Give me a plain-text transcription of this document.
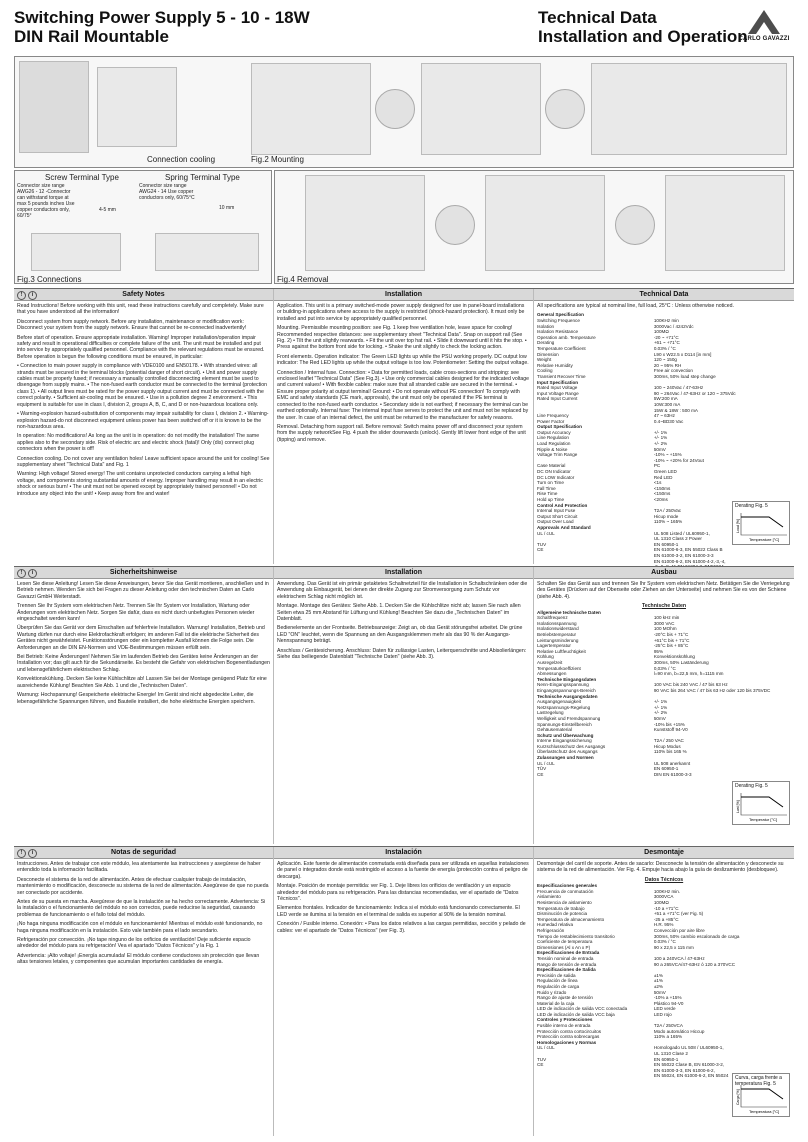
Switching Power Supply 5 - 10 - 18W
DIN Rail Mountable
Technical Data
Installation and Operation
CARLO GAVAZZI
Connection cooling	Fig.2 Mounting
Screw Terminal Type	Spring Terminal Type
Connector size range AWG26 - 12 -Connector can withstand torque at max 5 pounds inches Use copper conductors only, 60/75°
Connector size range AWG24 - 14 Use copper conductors only, 60/75°C
4-5 mm	10 mm
Fig.3 Connections	Fig.4 Removal
! i	Safety Notes

Read Instructions! Before working with this unit, read these instructions carefully and completely. Make sure that you have understood all the information!

Disconnect system from supply network. Before any installation, maintenance or modification work: Disconnect your system from the supply network. Ensure that cannot be re-connected inadvertently!

Before start of operation. Ensure appropriate installation. Warning! Improper installation/operation impair safety and result in operational difficulties or complete failure of the unit. The unit must be installed and put into service by appropriately qualified personnel. Compliance with the relevant regulations must be ensured. Before operation is begun the following conditions must be ensured, in particular:

• Connection to main power supply in compliance with VDE0100 and EN50178. • With stranded wires: all strands must be secured in the terminal blocks (potential danger of short circuit). • Unit and power supply cables must be properly fused; if necessary a manually controlled disconnecting element must be used to disengage from supply mains. • The non-fused earth conductor must be connected to the terminal (protection class 1). • All output lines must be rated for the power supply output current and must be connected with the correct polarity. • Sufficient air-cooling must be ensured. • Use in a pollution degree 2 environment. • This equipment is suitable for use in class I, division 2, groups A, B, C, and D or non-hazardous locations only.

• Warning-explosion hazard-substitution of components may impair suitability for class I, division 2. • Warning-explosion hazard-do not disconnect equipment unless power has been switched off or it is known to be the non-hazardous area.

In operation: No modifications! As long as the unit is in operation: do not modify the installation! The same applies also to the secondary side. Risk of electric arc and electric shock (fatal)! Only (dis) connect plug connectors when the power is off!

Connection cooling. Do not cover any ventilation holes! Leave sufficient space around the unit for cooling! See supplementary sheet "Technical Data" and Fig. 1

Warning: High voltage! Stored energy! The unit contains unprotected conductors carrying a lethal high voltage, and components storing substantial amounts of energy. Improper handling may result in an electric shock or serious burn! • The unit must not be opened except by appropriately trained personnel! • Do not introduce any object into the unit! • Keep away from fire and water!

Installation

Application. This unit is a primary switched-mode power supply designed for use in panel-board installations or building-in applications where access to the supply is restricted (shock-hazard protection). It must only be installed and put into service by appropriately qualified personnel.

Mounting. Permissible mounting position: see Fig. 1 keep free ventilation hole, leave space for cooling! Recommended respective distances: see supplementary sheet "Technical Data". Snap on support rail (See Fig. 2) • Tilt the unit slightly rearwards. • Fit the unit over top hat rail. • Slide it downward until it hits the stop. • Press against the bottom front side for locking. • Shake the unit slightly to check the locking action.

Front elements. Operation indicator: The Green LED lights up while the PSU working properly. DC output low indicator: The Red LED lights up while the output voltage is too low. Potentiometer: Setting the output voltage.

Connection / Internal fuse. Connection: • Data for permitted loads, cable cross-sections and stripping: see enclosed leaflet "Technical Data" (See Fig.3). • Use only commercial cables designed for the indicated voltage and current values! • With flexible cables: make sure that all stranded cable are secured in the terminal. • Ensure proper polarity at output terminal! Ground: • Do not operate without PE connection! To comply with EMC and safety standards (CE mark, approvals), the unit must only be operated if the PE terminal is connected to the non-fused earth conductor. • Secondary side is not earthed; if necessary the terminal can be earthed optionally. Internal fuse: The internal input fuse serves to protect the unit and must not be replaced by the user. In case of an internal defect, the unit must be returned to the manufacturer for safety reasons.

Removal. Detaching from support rail. Before removal: Switch mains power off and disconnect your system from the supply networkSee Fig. 4 push the slider downwards (unlock). Gently lift lower front edge of the unit (tipping) and remove.

Technical Data

All specifications are typical at nominal line, full load, 25°C : Unless otherwise noticed.

General Specification
Switching Frequence	100KHz min
Isolation	3000Vac / 4242Vdc
Isolation Resistance	100MΩ
Operation amb. Temperature	-20 ~ +71°C
Derating	+61 ~ +71°C
Temperature Coefficient	0.03% / °C
Dimension	L90 x W22.5 x D114 [in mm]
Weight	120 ~ 150g
Relative Humidity	20 ~ 95% RH
Cooling	Free air convection
Transient Recover Time	300ms, 50% load step change
Input Specification
Rated Input Voltage	100 ~ 240Vac / 47-63Hz
Input Voltage Range	90 ~ 264Vac / 47-63Hz or 120 ~ 375Vdc
Rated Input Current	5W:200 mA
10W:300 mA
15W & 18W : 500 mA
Line Frequency	47 ~ 63Hz
Power Factor	0.4~BD30 Vac
Output Specification
Output Accuracy	+/- 1%
Line Regulation	+/- 1%
Load Regulation	+/- 2%
Ripple & Noise	50mV
Voltage Trim Range	-10% ~ +15%
-10% ~ +20% for 24Vout
Case Material	PC
DC ON Indicator	Green LED
DC LOW Indicator	Red LED
Turn on Time	<1s
Fall Time	<150ms
Rise Time	<150ms
Hold up Time	<20ms
Control And Protection
Internal Input Fuse	T2A / 250Vac
Output Short Circuit	Hicup mode
Output Over Load	110% ~ 165%
Approvals And Standard
UL / cUL	UL 508 Listed / UL60950-1,
UL 1310 Class 2 Power
TUV	EN 60950-1
CE	EN 61000-6-3, EN 55022 Class B
EN 61000-3-2, EN 61000-3-3
EN 61000-6-2, EN 61000-4-2,-3,-4,
Derating Fig. 5
Temperature [°C]
Load [%]
! i	Sicherheitshinweise

Lesen Sie diese Anleitung! Lesen Sie diese Anweisungen, bevor Sie das Gerät montieren, anschließen und in Betrieb nehmen. Wenden Sie sich bei Fragen zu dieser Anleitung oder den technischen Daten an Carlo Gavazzi GmbH Weiterstadt.

Trennen Sie Ihr System vom elektrischen Netz. Trennen Sie Ihr System vor Installation, Wartung oder Änderungen vom elektrischen Netz. Sorgen Sie dafür, dass es nicht durch unbefugtes Personen wieder eingeschaltet werden kann!

Überprüfen Sie das Gerät vor dem Einschalten auf fehlerfreie Installation. Warnung! Installation, Betrieb und Wartung dürfen nur durch eine Elektrofachkraft erfolgen; im anderen Fall ist die elektrische Sicherheit des Gerätes nicht gewährleistet. Funktionsstörungen oder ein kompletter Ausfall können die Folge sein. Die Anforderungen an die DIN EN-Normen und VDE-Bestimmungen müssen erfüllt sein.

Bei Betrieb: Keine Änderungen! Nehmen Sie im laufenden Betrieb des Gerätes keine Änderungen an der Installation vor; das gilt auch für die Sekundärseite. Es besteht die Gefahr von elektrischen Bogenentladungen und lebensgefährlichem elektrischen Schlag.

Konvektionskühlung. Decken Sie keine Kühlschlitze ab! Lassen Sie bei der Montage genügend Platz für eine ausreichende Kühlung! Beachten Sie Abb. 1 und die „Technischen Daten".

Warnung: Hochspannung! Gespeicherte elektrische Energie! Im Gerät sind nicht abgedeckte Leiter, die lebensgefährliche Spannungen führen, und Bauteile installiert, die hohe elektrische Energien speichern.

Installation

Anwendung. Das Gerät ist ein primär getaktetes Schaltnetzteil für die Installation in Schaltschränken oder die Anwendung als Einbaugerät, bei denen der direkte Zugang zur Stromversorgung zum Schutz vor elektrischem Schlag nicht möglich ist.

Montage. Montage des Gerätes: Siehe Abb. 1. Decken Sie die Kühlschlitze nicht ab; lassen Sie nach allen Seiten etwa 25 mm Abstand für Lüftung und Kühlung! Beachten Sie dazu die „Technischen Daten" im Datenblatt.

Bedienelemente an der Frontseite. Betriebsanzeige: Zeigt an, ob das Gerät störungsfrei arbeitet. Die grüne LED "ON" leuchtet, wenn die Spannung an den Ausgangsklemmen mehr als das 90 % der Ausgangs-Nennspannung beträgt.

Anschluss / Gerätesicherung. Anschluss: Daten für zulässige Lasten, Leiterquerschnitte und Abisolierlängen: Siehe das beiliegende Datenblatt "Technische Daten" (siehe Abb. 3).

Ausbau

Schalten Sie das Gerät aus und trennen Sie Ihr System vom elektrischen Netz. Betätigen Sie die Verriegelung des Gerätes (Drücken auf der Oberseite oder Ziehen an der Unterseite) und nehmen Sie es von der Schiene (siehe Abb. 4).

Technische Daten
Allgemeine technische Daten
Schaltfrequenz	100 kHz min
Isolationsspannung	3000 VAC
Isolationswiderstand	100 MOhm
Betriebstemperatur	-20°C bis + 71°C
Leistungsminderung	+61°C bis + 71°C
Lagertemperatur	-25°C bis + 85°C
Relative Luftfeuchtigkeit	95%
Kühlung	Konvektionskühlung
Ausregelzeit	300ms, 50% Laständerung
Temperaturkoeffizient	0,03% / °C
Abmessungen	l=90 mm, b=22,5 mm, h=1115 mm
Technische Eingangsdaten
Nenn-Eingangsspannung	100 VAC bis 240 VAC / 47 bis 63 Hz
Eingangsspannungs-Bereich	90 VAC bis 264 VAC / 47 bis 63 Hz oder 120 bis 375VDC
Technische Ausgangsdaten
Ausgangsgenauigkeit	+/- 1%
Netzspannungs-Regelung	+/- 1%
Lastregelung	+/- 2%
Welligkeit und Fremdspannung	50mV
Spannungs-Einstellbereich	-10% bis +15%
Gehäusematerial	Kunststoff 94-V0
Schutz und Überwachung
Interne Eingangssicherung	T2A / 250 VAC
Kurzschlussschutz des Ausgangs	Hicup Modus
Überlastschutz des Ausgangs	110% bis 165 %
Zulassungen und Normen
UL / cUL	UL 508 anerkannt
TÜV	EN 60950-1
CE	DIN EN 61000-3-3
Derating Fig. 5
Temperatur [°C]
Last [%]
! i	Notas de seguridad

Instrucciones. Antes de trabajar con este módulo, lea atentamente las instrucciones y asegúrese de haber entendido toda la información facilitada.

Desconecte el sistema de la red de alimentación. Antes de efectuar cualquier trabajo de instalación, mantenimiento o modificación, desconecte su sistema de la red de alimentación. Asegúrese de que no pueda ser conectado por accidente.

Antes de su puesta en marcha. Asegúrese de que la instalación se ha hecho correctamente. Advertencia: Si la instalación o el funcionamiento del módulo no son correctos, puede reducirse la seguridad, causando problemas de funcionamiento o el fallo total del módulo.

¡No haga ninguna modificación con el módulo en funcionamiento! Mientras el módulo esté funcionando, no haga ninguna modificación en la instalación. Esto vale también para el lado secundario.

Refrigeración por convección. ¡No tape ninguno de los orificios de ventilación! Deje suficiente espacio alrededor del módulo para su refrigeración! Vea el apartado "Datos Técnicos" y la Fig. 1

Advertencia: ¡Alto voltaje! ¡Energía acumulada! El módulo contiene conductores sin protección que llevan altas tensiones letales, y componentes que acumulan importantes cantidades de energía.

Instalación

Aplicación. Este fuente de alimentación conmutada está diseñada para ser utilizada en aquellas instalaciones de panel o integrados donde está restringido el acceso a la fuente de energía (protección contra el peligro de descarga).

Montaje. Posición de montaje permitida: ver Fig. 1. Deje libres los orificios de ventilación y un espacio alrededor del módulo para su refrigeración. Para las distancias recomendadas, ver el apartado de "Datos Técnicos".

Elementos frontales. Indicador de funcionamiento: Indica si el módulo está funcionando correctamente. El LED verde se ilumina si la tensión en el terminal de salida es superior al 90% de la tensión nominal.

Conexión / Fusible interno. Conexión: • Para los datos relativos a las cargas permitidas, sección y pelado de cables: ver el apartado de "Datos Técnicos" (ver Fig. 3).

Desmontaje

Desmontaje del carril de soporte. Antes de sacarlo: Desconecte la tensión de alimentación y desconecte su sistema de la red de alimentación. Ver Fig. 4. Empuje hacia abajo la guía de deslizamiento (desbloquee).

Datos Técnicos
Especificaciones generales
Frecuencia de conmutación	100KHz min.
Aislamiento	3000VCA
Resistencia de aislamiento	100MΩ
Temperatura de trabajo	-10 a +71°C
Disminución de potencia	+51 a +71°C (ver Fig. 5)
Temperatura de almacenamiento	-25 a +85°C
Humedad relativa	H.R. 95%
Refrigeración	Convección por aire libre
Tiempo de restablecimiento transitorio	300ms, 50% cambio escalonado de carga
Coeficiente de temperatura	0.03% / °C
Dimensiones (Al x An x P)	90 x 22,5 x 115 mm
Especificaciones de Entrada
Tensión nominal de entrada	100 a 240VCA / 47-63Hz
Rango de tensión de entrada	90 a 265VCA/47-63Hz ó 120 a 370VCC
Especificaciones de Salida
Precisión de salida	±1%
Regulación de línea	±1%
Regulación de carga	±2%
Ruido y rizado	50mV
Rango de ajuste de tensión	-10% a +15%
Material de la caja	Plástico 94-V0
LED de indicación de salida VCC conectada	LED verde
LED de indicación de salida VCC baja	LED rojo
Controles y Protecciones
Fusible interno de entrada	T2A / 250VCA
Protección contra cortocircuitos	Modo automático Hiccup
Protección contra sobrecargas	110% a 165%
Homologaciones y Normas
UL / cUL	Homologado UL 508 / UL60950-1,
UL 1310 Clase 2
TUV	EN 60950-1
CE	EN 55022 Clase B, EN 61000-3-2,
EN 61000-3-3, EN 61000-6-2,
EN 55024, EN 61000-6-2, EN 55024	Curva, carga frente a temperatura Fig. 5
Temperatura [°C]
Carga [%]
